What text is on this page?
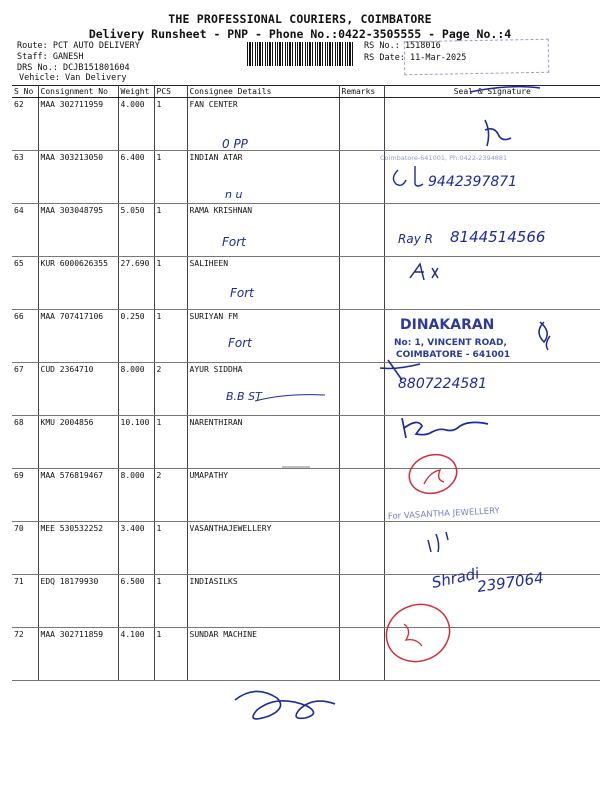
THE PROFESSIONAL COURIERS, COIMBATORE
Delivery Runsheet - PNP - Phone No.:0422-3505555 - Page No.:4
Route: PCT AUTO DELIVERY
Staff: GANESH
DRS No.: DCJB151801604
Vehicle: Van Delivery
RS No.: 1518016
RS Date: 11-Mar-2025
S No	Consignment No	Weight	PCS	Consignee Details	Remarks	Seal & Signature
62	MAA 302711959	4.000	1	FAN CENTER		
63	MAA 303213050	6.400	1	INDIAN ATAR		
64	MAA 303048795	5.050	1	RAMA KRISHNAN		
65	KUR 6000626355	27.690	1	SALIHEEN		
66	MAA 707417106	0.250	1	SURIYAN FM		
67	CUD 2364710	8.000	2	AYUR SIDDHA		
68	KMU 2004856	10.100	1	NARENTHIRAN		
69	MAA 576819467	8.000	2	UMAPATHY		
70	MEE 530532252	3.400	1	VASANTHAJEWELLERY		
71	EDQ 18179930	6.500	1	INDIASILKS		
72	MAA 302711859	4.100	1	SUNDAR MACHINE		
0 PP
Coimbatore-641001, Ph:0422-2394881
9442397871
n u
Ray R 8144514566
Fort
Fort
DINAKARAN
No: 1, VINCENT ROAD,
COIMBATORE - 641001
Fort
8807224581
B.B ST
For VASANTHA JEWELLERY
Shradi
2397064
